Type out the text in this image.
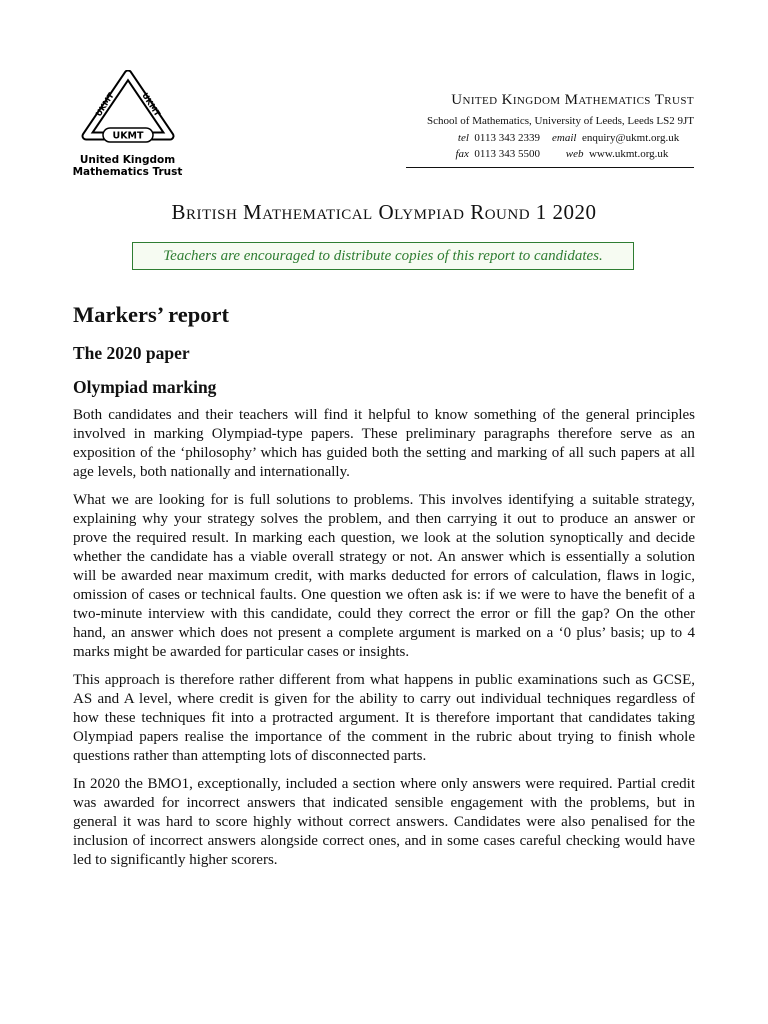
UKMT	UKMT
UKMT
United Kingdom
Mathematics Trust
United Kingdom Mathematics Trust
School of Mathematics, University of Leeds, Leeds LS2 9JT
tel 0113 343 2339	email enquiry@ukmt.org.uk
fax 0113 343 5500	web www.ukmt.org.uk
British Mathematical Olympiad Round 1 2020
Teachers are encouraged to distribute copies of this report to candidates.
Markers’ report
The 2020 paper
Olympiad marking

Both candidates and their teachers will find it helpful to know something of the general principles involved in marking Olympiad-type papers. These preliminary paragraphs therefore serve as an exposition of the ‘philosophy’ which has guided both the setting and marking of all such papers at all age levels, both nationally and internationally.

What we are looking for is full solutions to problems. This involves identifying a suitable strategy, explaining why your strategy solves the problem, and then carrying it out to produce an answer or prove the required result. In marking each question, we look at the solution synoptically and decide whether the candidate has a viable overall strategy or not. An answer which is essentially a solution will be awarded near maximum credit, with marks deducted for errors of calculation, flaws in logic, omission of cases or technical faults. One question we often ask is: if we were to have the benefit of a two-minute interview with this candidate, could they correct the error or fill the gap? On the other hand, an answer which does not present a complete argument is marked on a ‘0 plus’ basis; up to 4 marks might be awarded for particular cases or insights.

This approach is therefore rather different from what happens in public examinations such as GCSE, AS and A level, where credit is given for the ability to carry out individual techniques regardless of how these techniques fit into a protracted argument. It is therefore important that candidates taking Olympiad papers realise the importance of the comment in the rubric about trying to finish whole questions rather than attempting lots of disconnected parts.

In 2020 the BMO1, exceptionally, included a section where only answers were required. Partial credit was awarded for incorrect answers that indicated sensible engagement with the problems, but in general it was hard to score highly without correct answers. Candidates were also penalised for the inclusion of incorrect answers alongside correct ones, and in some cases careful checking would have led to significantly higher scorers.
